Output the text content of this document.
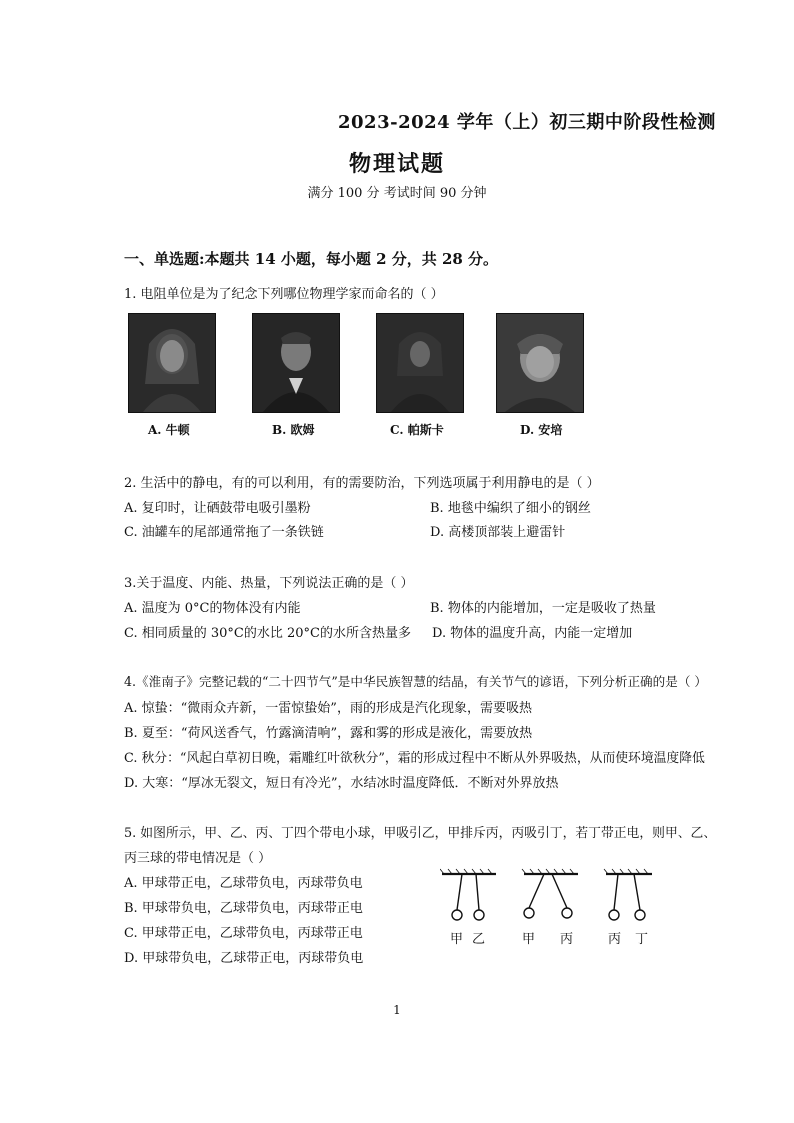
2023-2024 学年（上）初三期中阶段性检测
物理试题
满分 100 分 考试时间 90 分钟
一、单选题:本题共 14 小题，每小题 2 分，共 28 分。
1. 电阻单位是为了纪念下列哪位物理学家而命名的（ ）
A. 牛顿	B. 欧姆	C. 帕斯卡	D. 安培
2. 生活中的静电，有的可以利用，有的需要防治，下列选项属于利用静电的是（ ）
A. 复印时，让硒鼓带电吸引墨粉	B. 地毯中编织了细小的钢丝
C. 油罐车的尾部通常拖了一条铁链	D. 高楼顶部装上避雷针
3.关于温度、内能、热量，下列说法正确的是（ ）
A. 温度为 0°C的物体没有内能	B. 物体的内能增加，一定是吸收了热量
C. 相同质量的 30°C的水比 20°C的水所含热量多 D. 物体的温度升高，内能一定增加
4.《淮南子》完整记载的“二十四节气”是中华民族智慧的结晶，有关节气的谚语，下列分析正确的是（ ）
A. 惊蛰：“微雨众卉新，一雷惊蛰始”，雨的形成是汽化现象，需要吸热
B. 夏至：“荷风送香气，竹露滴清响”，露和雾的形成是液化，需要放热
C. 秋分：“风起白草初日晚，霜雕红叶欲秋分”，霜的形成过程中不断从外界吸热，从而使环境温度降低
D. 大寒：“厚冰无裂文，短日有冷光”，水结冰时温度降低．不断对外界放热
5. 如图所示，甲、乙、丙、丁四个带电小球，甲吸引乙，甲排斥丙，丙吸引丁，若丁带正电，则甲、乙、
丙三球的带电情况是（ ）
A. 甲球带正电，乙球带负电，丙球带负电
B. 甲球带负电，乙球带负电，丙球带正电
C. 甲球带正电，乙球带负电，丙球带正电
D. 甲球带负电，乙球带正电，丙球带负电
甲 乙	甲 丙	丙 丁
1
